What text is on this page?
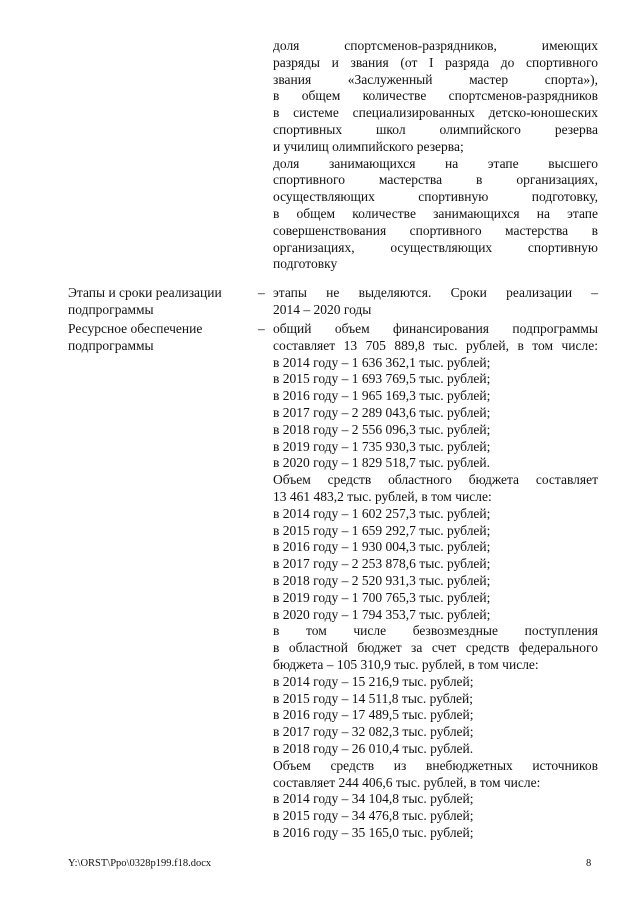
доля спортсменов-разрядников, имеющих
разряды и звания (от I разряда до спортивного
звания «Заслуженный мастер спорта»),
в общем количестве спортсменов-разрядников
в системе специализированных детско-юношеских
спортивных школ олимпийского резерва
и училищ олимпийского резерва;
доля занимающихся на этапе высшего
спортивного мастерства в организациях,
осуществляющих спортивную подготовку,
в общем количестве занимающихся на этапе
совершенствования спортивного мастерства в
организациях, осуществляющих спортивную
подготовку
Этапы и сроки реализации подпрограммы
– этапы не выделяются. Сроки реализации –
2014 – 2020 годы
Ресурсное обеспечение подпрограммы
– общий объем финансирования подпрограммы
составляет 13 705 889,8 тыс. рублей, в том числе:
в 2014 году – 1 636 362,1 тыс. рублей;
в 2015 году – 1 693 769,5 тыс. рублей;
в 2016 году – 1 965 169,3 тыс. рублей;
в 2017 году – 2 289 043,6 тыс. рублей;
в 2018 году – 2 556 096,3 тыс. рублей;
в 2019 году – 1 735 930,3 тыс. рублей;
в 2020 году – 1 829 518,7 тыс. рублей.
Объем средств областного бюджета составляет
13 461 483,2 тыс. рублей, в том числе:
в 2014 году – 1 602 257,3 тыс. рублей;
в 2015 году – 1 659 292,7 тыс. рублей;
в 2016 году – 1 930 004,3 тыс. рублей;
в 2017 году – 2 253 878,6 тыс. рублей;
в 2018 году – 2 520 931,3 тыс. рублей;
в 2019 году – 1 700 765,3 тыс. рублей;
в 2020 году – 1 794 353,7 тыс. рублей;
в том числе безвозмездные поступления
в областной бюджет за счет средств федерального
бюджета – 105 310,9 тыс. рублей, в том числе:
в 2014 году – 15 216,9 тыс. рублей;
в 2015 году – 14 511,8 тыс. рублей;
в 2016 году – 17 489,5 тыс. рублей;
в 2017 году – 32 082,3 тыс. рублей;
в 2018 году – 26 010,4 тыс. рублей.
Объем средств из внебюджетных источников
составляет 244 406,6 тыс. рублей, в том числе:
в 2014 году – 34 104,8 тыс. рублей;
в 2015 году – 34 476,8 тыс. рублей;
в 2016 году – 35 165,0 тыс. рублей;
Y:\ORST\Ppo\0328p199.f18.docx	8
